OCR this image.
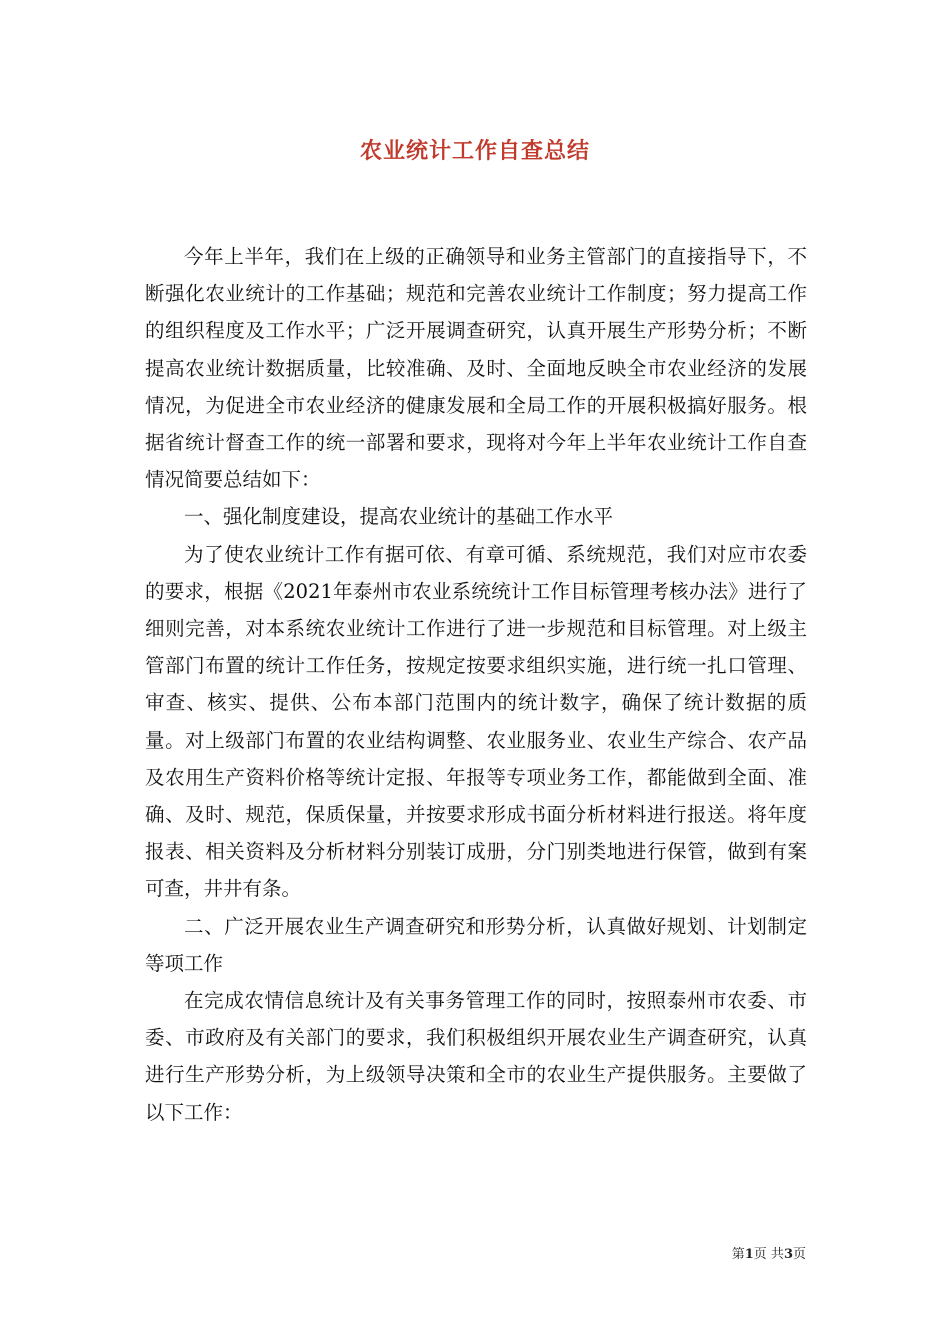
农业统计工作自查总结

今年上半年，我们在上级的正确领导和业务主管部门的直接指导下，不断强化农业统计的工作基础；规范和完善农业统计工作制度；努力提高工作的组织程度及工作水平；广泛开展调查研究，认真开展生产形势分析；不断提高农业统计数据质量，比较准确、及时、全面地反映全市农业经济的发展情况，为促进全市农业经济的健康发展和全局工作的开展积极搞好服务。根据省统计督查工作的统一部署和要求，现将对今年上半年农业统计工作自查情况简要总结如下：

一、强化制度建设，提高农业统计的基础工作水平

为了使农业统计工作有据可依、有章可循、系统规范，我们对应市农委的要求，根据《2021年泰州市农业系统统计工作目标管理考核办法》进行了细则完善，对本系统农业统计工作进行了进一步规范和目标管理。对上级主管部门布置的统计工作任务，按规定按要求组织实施，进行统一扎口管理、审查、核实、提供、公布本部门范围内的统计数字，确保了统计数据的质量。对上级部门布置的农业结构调整、农业服务业、农业生产综合、农产品及农用生产资料价格等统计定报、年报等专项业务工作，都能做到全面、准确、及时、规范，保质保量，并按要求形成书面分析材料进行报送。将年度报表、相关资料及分析材料分别装订成册，分门别类地进行保管，做到有案可查，井井有条。

二、广泛开展农业生产调查研究和形势分析，认真做好规划、计划制定等项工作

在完成农情信息统计及有关事务管理工作的同时，按照泰州市农委、市委、市政府及有关部门的要求，我们积极组织开展农业生产调查研究，认真进行生产形势分析，为上级领导决策和全市的农业生产提供服务。主要做了以下工作：

第1页 共3页
